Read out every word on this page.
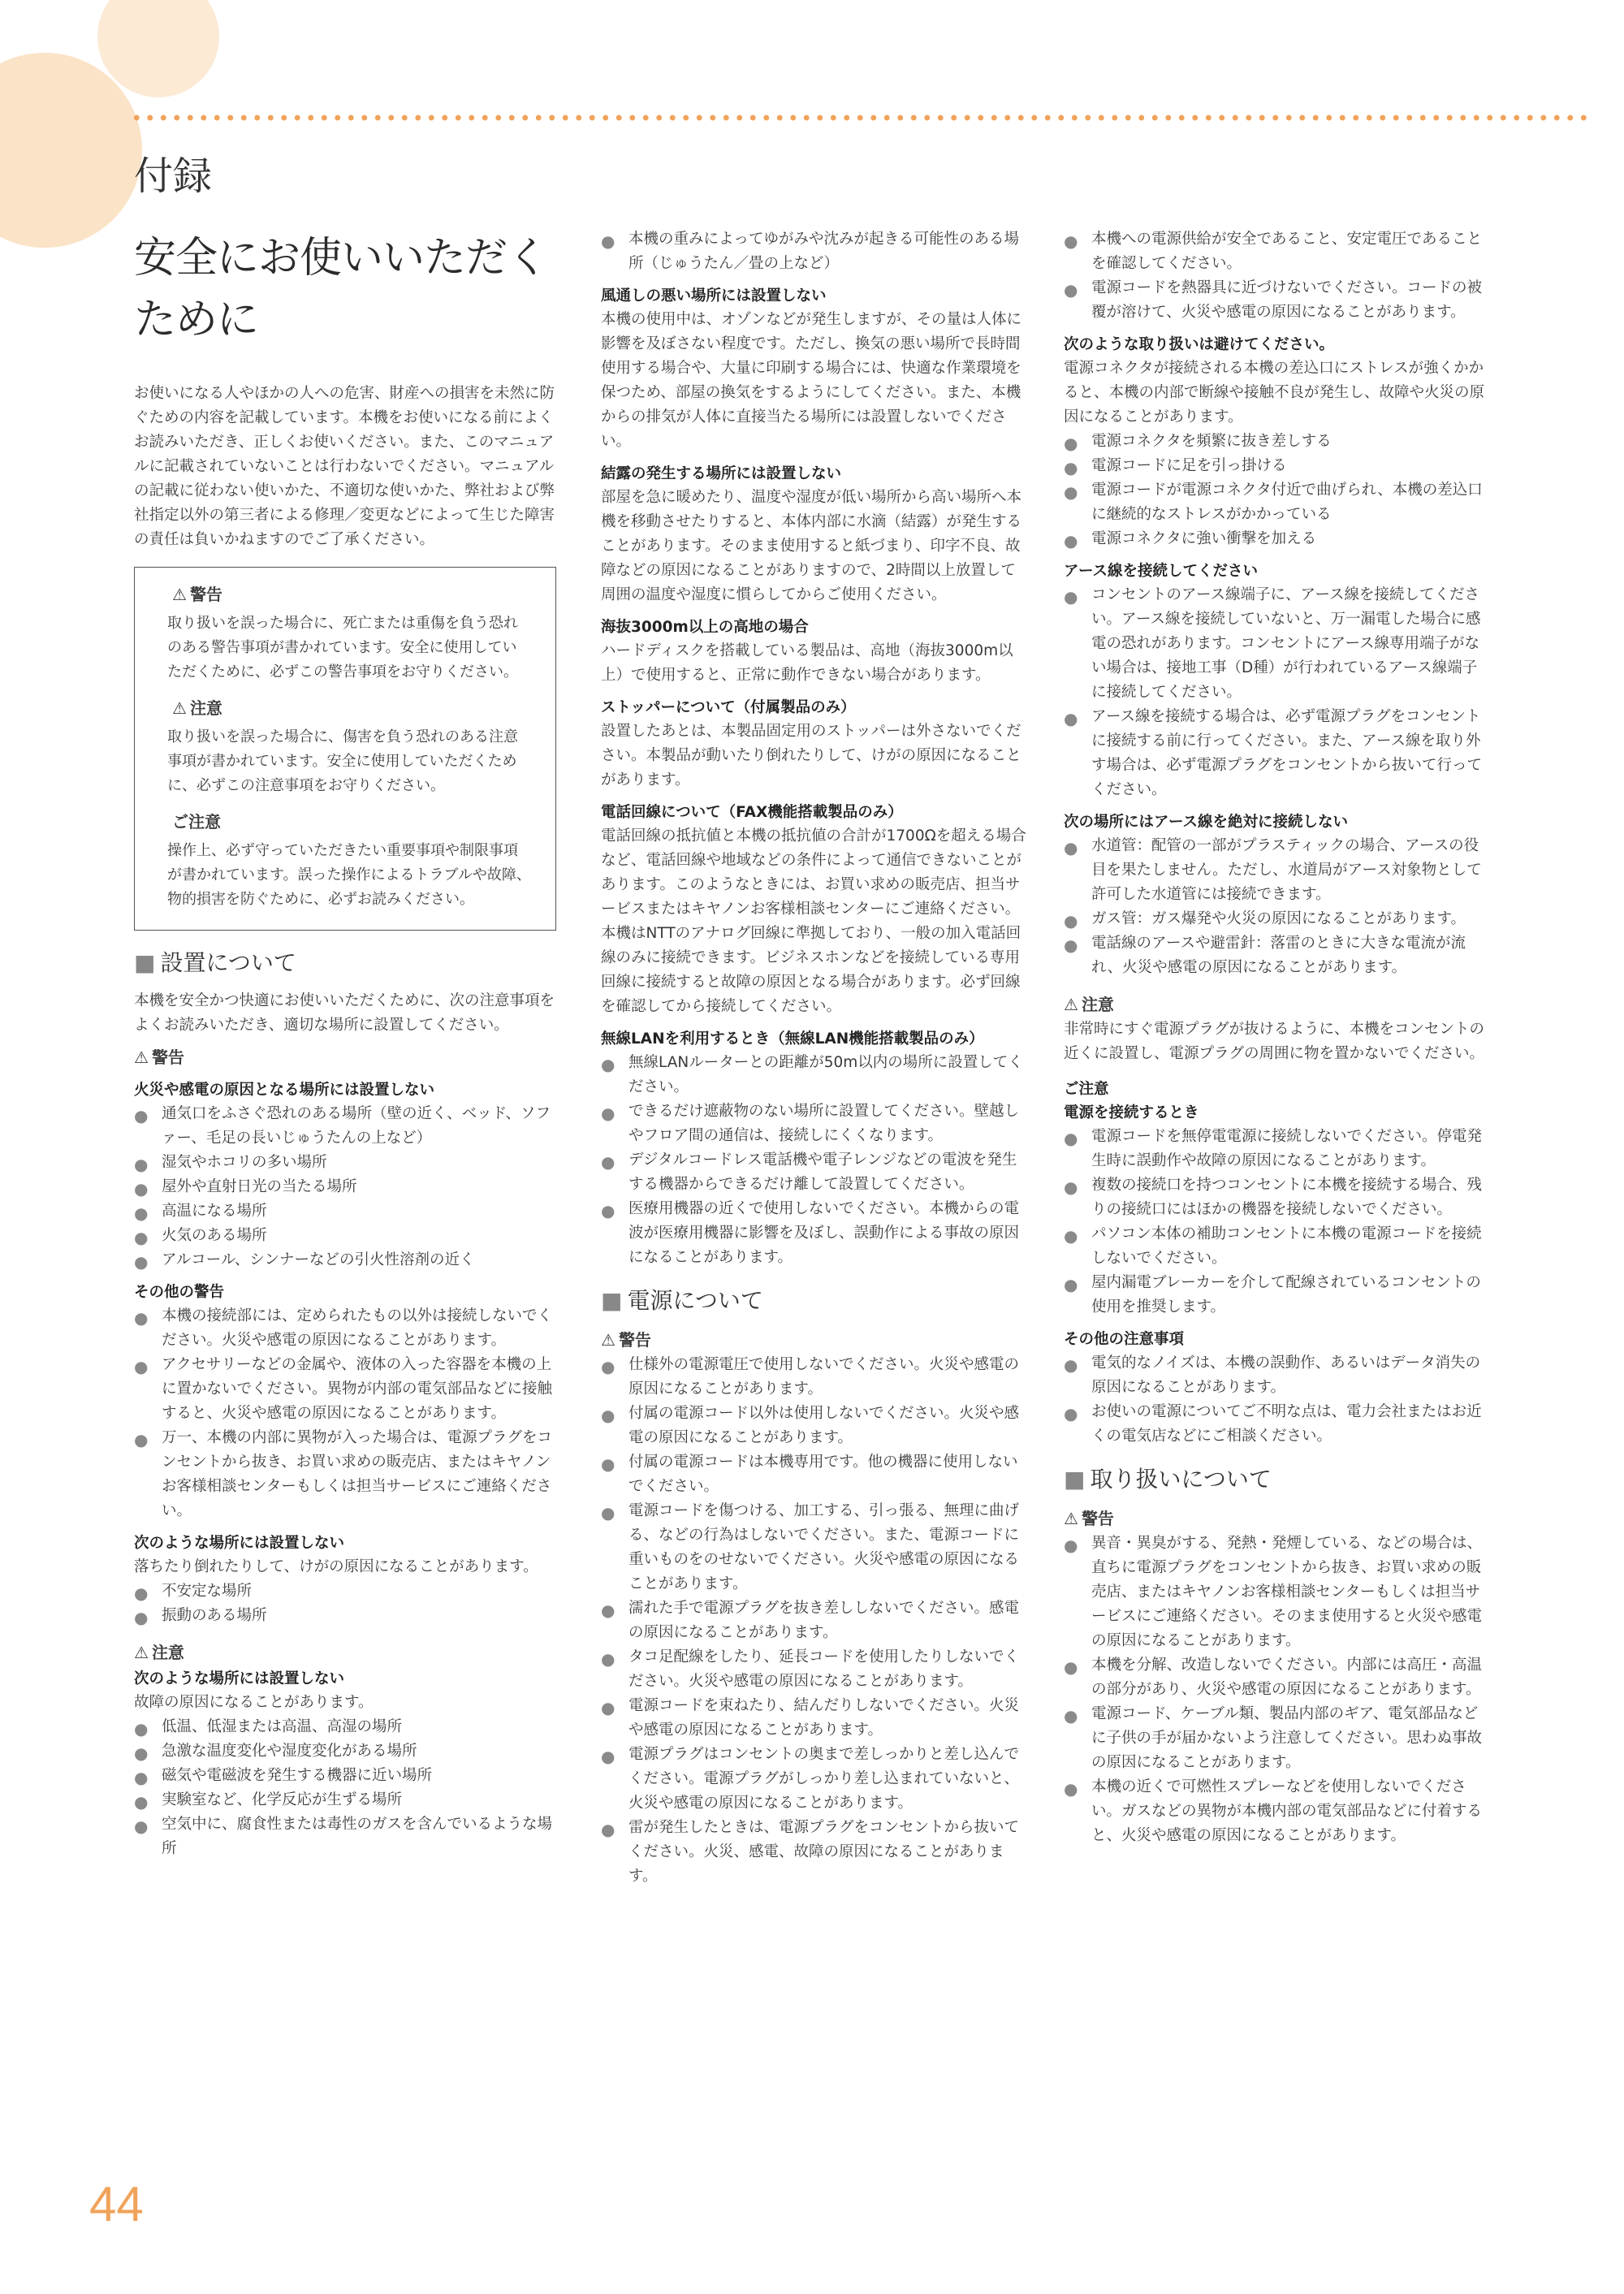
付録
安全にお使いいただくために

お使いになる人やほかの人への危害、財産への損害を未然に防ぐための内容を記載しています。本機をお使いになる前によくお読みいただき、正しくお使いください。また、このマニュアルに記載されていないことは行わないでください。マニュアルの記載に従わない使いかた、不適切な使いかた、弊社および弊社指定以外の第三者による修理／変更などによって生じた障害の責任は負いかねますのでご了承ください。

⚠ 警告

取り扱いを誤った場合に、死亡または重傷を負う恐れのある警告事項が書かれています。安全に使用していただくために、必ずこの警告事項をお守りください。

⚠ 注意

取り扱いを誤った場合に、傷害を負う恐れのある注意事項が書かれています。安全に使用していただくために、必ずこの注意事項をお守りください。

ご注意

操作上、必ず守っていただきたい重要事項や制限事項が書かれています。誤った操作によるトラブルや故障、物的損害を防ぐために、必ずお読みください。

■ 設置について

本機を安全かつ快適にお使いいただくために、次の注意事項をよくお読みいただき、適切な場所に設置してください。

⚠ 警告
火災や感電の原因となる場所には設置しない
● 通気口をふさぐ恐れのある場所（壁の近く、ベッド、ソファー、毛足の長いじゅうたんの上など）
● 湿気やホコリの多い場所
● 屋外や直射日光の当たる場所
● 高温になる場所
● 火気のある場所
● アルコール、シンナーなどの引火性溶剤の近く
その他の警告
● 本機の接続部には、定められたもの以外は接続しないでください。火災や感電の原因になることがあります。
● アクセサリーなどの金属や、液体の入った容器を本機の上に置かないでください。異物が内部の電気部品などに接触すると、火災や感電の原因になることがあります。
● 万一、本機の内部に異物が入った場合は、電源プラグをコンセントから抜き、お買い求めの販売店、またはキヤノンお客様相談センターもしくは担当サービスにご連絡ください。
次のような場所には設置しない

落ちたり倒れたりして、けがの原因になることがあります。

● 不安定な場所
● 振動のある場所
⚠ 注意
次のような場所には設置しない

故障の原因になることがあります。

● 低温、低湿または高温、高湿の場所
● 急激な温度変化や湿度変化がある場所
● 磁気や電磁波を発生する機器に近い場所
● 実験室など、化学反応が生ずる場所
● 空気中に、腐食性または毒性のガスを含んでいるような場所
● 本機の重みによってゆがみや沈みが起きる可能性のある場所（じゅうたん／畳の上など）
風通しの悪い場所には設置しない

本機の使用中は、オゾンなどが発生しますが、その量は人体に影響を及ぼさない程度です。ただし、換気の悪い場所で長時間使用する場合や、大量に印刷する場合には、快適な作業環境を保つため、部屋の換気をするようにしてください。また、本機からの排気が人体に直接当たる場所には設置しないでください。

結露の発生する場所には設置しない

部屋を急に暖めたり、温度や湿度が低い場所から高い場所へ本機を移動させたりすると、本体内部に水滴（結露）が発生することがあります。そのまま使用すると紙づまり、印字不良、故障などの原因になることがありますので、2時間以上放置して周囲の温度や湿度に慣らしてからご使用ください。

海抜3000m以上の高地の場合

ハードディスクを搭載している製品は、高地（海抜3000m以上）で使用すると、正常に動作できない場合があります。

ストッパーについて（付属製品のみ）

設置したあとは、本製品固定用のストッパーは外さないでください。本製品が動いたり倒れたりして、けがの原因になることがあります。

電話回線について（FAX機能搭載製品のみ）

電話回線の抵抗値と本機の抵抗値の合計が1700Ωを超える場合など、電話回線や地域などの条件によって通信できないことがあります。このようなときには、お買い求めの販売店、担当サービスまたはキヤノンお客様相談センターにご連絡ください。本機はNTTのアナログ回線に準拠しており、一般の加入電話回線のみに接続できます。ビジネスホンなどを接続している専用回線に接続すると故障の原因となる場合があります。必ず回線を確認してから接続してください。

無線LANを利用するとき（無線LAN機能搭載製品のみ）
● 無線LANルーターとの距離が50m以内の場所に設置してください。
● できるだけ遮蔽物のない場所に設置してください。壁越しやフロア間の通信は、接続しにくくなります。
● デジタルコードレス電話機や電子レンジなどの電波を発生する機器からできるだけ離して設置してください。
● 医療用機器の近くで使用しないでください。本機からの電波が医療用機器に影響を及ぼし、誤動作による事故の原因になることがあります。
■ 電源について
⚠ 警告
● 仕様外の電源電圧で使用しないでください。火災や感電の原因になることがあります。
● 付属の電源コード以外は使用しないでください。火災や感電の原因になることがあります。
● 付属の電源コードは本機専用です。他の機器に使用しないでください。
● 電源コードを傷つける、加工する、引っ張る、無理に曲げる、などの行為はしないでください。また、電源コードに重いものをのせないでください。火災や感電の原因になることがあります。
● 濡れた手で電源プラグを抜き差ししないでください。感電の原因になることがあります。
● タコ足配線をしたり、延長コードを使用したりしないでください。火災や感電の原因になることがあります。
● 電源コードを束ねたり、結んだりしないでください。火災や感電の原因になることがあります。
● 電源プラグはコンセントの奥まで差しっかりと差し込んでください。電源プラグがしっかり差し込まれていないと、火災や感電の原因になることがあります。
● 雷が発生したときは、電源プラグをコンセントから抜いてください。火災、感電、故障の原因になることがあります。
● 本機への電源供給が安全であること、安定電圧であることを確認してください。
● 電源コードを熱器具に近づけないでください。コードの被覆が溶けて、火災や感電の原因になることがあります。
次のような取り扱いは避けてください。

電源コネクタが接続される本機の差込口にストレスが強くかかると、本機の内部で断線や接触不良が発生し、故障や火災の原因になることがあります。

● 電源コネクタを頻繁に抜き差しする
● 電源コードに足を引っ掛ける
● 電源コードが電源コネクタ付近で曲げられ、本機の差込口に継続的なストレスがかかっている
● 電源コネクタに強い衝撃を加える
アース線を接続してください
● コンセントのアース線端子に、アース線を接続してください。アース線を接続していないと、万一漏電した場合に感電の恐れがあります。コンセントにアース線専用端子がない場合は、接地工事（D種）が行われているアース線端子に接続してください。
● アース線を接続する場合は、必ず電源プラグをコンセントに接続する前に行ってください。また、アース線を取り外す場合は、必ず電源プラグをコンセントから抜いて行ってください。
次の場所にはアース線を絶対に接続しない
● 水道管：配管の一部がプラスティックの場合、アースの役目を果たしません。ただし、水道局がアース対象物として許可した水道管には接続できます。
● ガス管：ガス爆発や火災の原因になることがあります。
● 電話線のアースや避雷針：落雷のときに大きな電流が流れ、火災や感電の原因になることがあります。
⚠ 注意

非常時にすぐ電源プラグが抜けるように、本機をコンセントの近くに設置し、電源プラグの周囲に物を置かないでください。

ご注意
電源を接続するとき
● 電源コードを無停電電源に接続しないでください。停電発生時に誤動作や故障の原因になることがあります。
● 複数の接続口を持つコンセントに本機を接続する場合、残りの接続口にはほかの機器を接続しないでください。
● パソコン本体の補助コンセントに本機の電源コードを接続しないでください。
● 屋内漏電ブレーカーを介して配線されているコンセントの使用を推奨します。
その他の注意事項
● 電気的なノイズは、本機の誤動作、あるいはデータ消失の原因になることがあります。
● お使いの電源についてご不明な点は、電力会社またはお近くの電気店などにご相談ください。
■ 取り扱いについて
⚠ 警告
● 異音・異臭がする、発熱・発煙している、などの場合は、直ちに電源プラグをコンセントから抜き、お買い求めの販売店、またはキヤノンお客様相談センターもしくは担当サービスにご連絡ください。そのまま使用すると火災や感電の原因になることがあります。
● 本機を分解、改造しないでください。内部には高圧・高温の部分があり、火災や感電の原因になることがあります。
● 電源コード、ケーブル類、製品内部のギア、電気部品などに子供の手が届かないよう注意してください。思わぬ事故の原因になることがあります。
● 本機の近くで可燃性スプレーなどを使用しないでください。ガスなどの異物が本機内部の電気部品などに付着すると、火災や感電の原因になることがあります。
44
